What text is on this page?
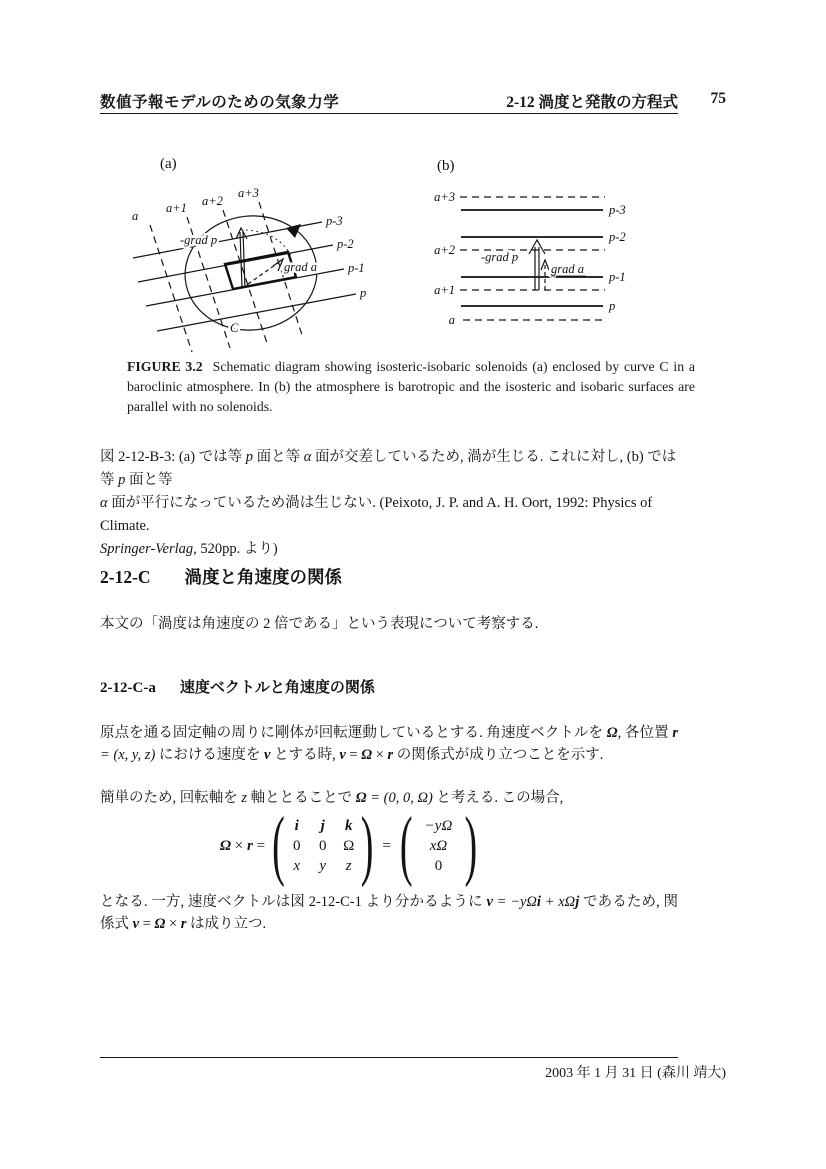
数値予報モデルのための気象力学	2-12 渦度と発散の方程式 75
(a)
a
a+1 a+2
a+3
p-3
p-2
p-1
p
-grad p
grad a
C
(b)
a+3
a+2
a+1
a
p-3
p-2
p-1
p
-grad p
grad a
FIGURE 3.2 Schematic diagram showing isosteric-isobaric solenoids (a) enclosed by curve C in a baroclinic atmosphere. In (b) the atmosphere is barotropic and the isosteric and isobaric surfaces are parallel with no solenoids.
図 2-12-B-3: (a) では等 p 面と等 α 面が交差しているため, 渦が生じる. これに対し, (b) では等 p 面と等
α 面が平行になっているため渦は生じない. (Peixoto, J. P. and A. H. Oort, 1992: Physics of Climate.
Springer-Verlag, 520pp. より)
2-12-C 渦度と角速度の関係
本文の「渦度は角速度の 2 倍である」という表現について考察する.
2-12-C-a 速度ベクトルと角速度の関係
原点を通る固定軸の周りに剛体が回転運動しているとする. 角速度ベクトルを Ω, 各位置 r = (x, y, z) における速度を v とする時, v = Ω × r の関係式が成り立つことを示す.
簡単のため, 回転軸を z 軸ととることで Ω = (0, 0, Ω) と考える. この場合,
Ω × r = ( i	j	k
0 0 Ω
x y z ) = ( −yΩ
xΩ
0 )
となる. 一方, 速度ベクトルは図 2-12-C-1 より分かるように v = −yΩi + xΩj であるため, 関係式 v = Ω × r は成り立つ.
2003 年 1 月 31 日 (森川 靖大)
